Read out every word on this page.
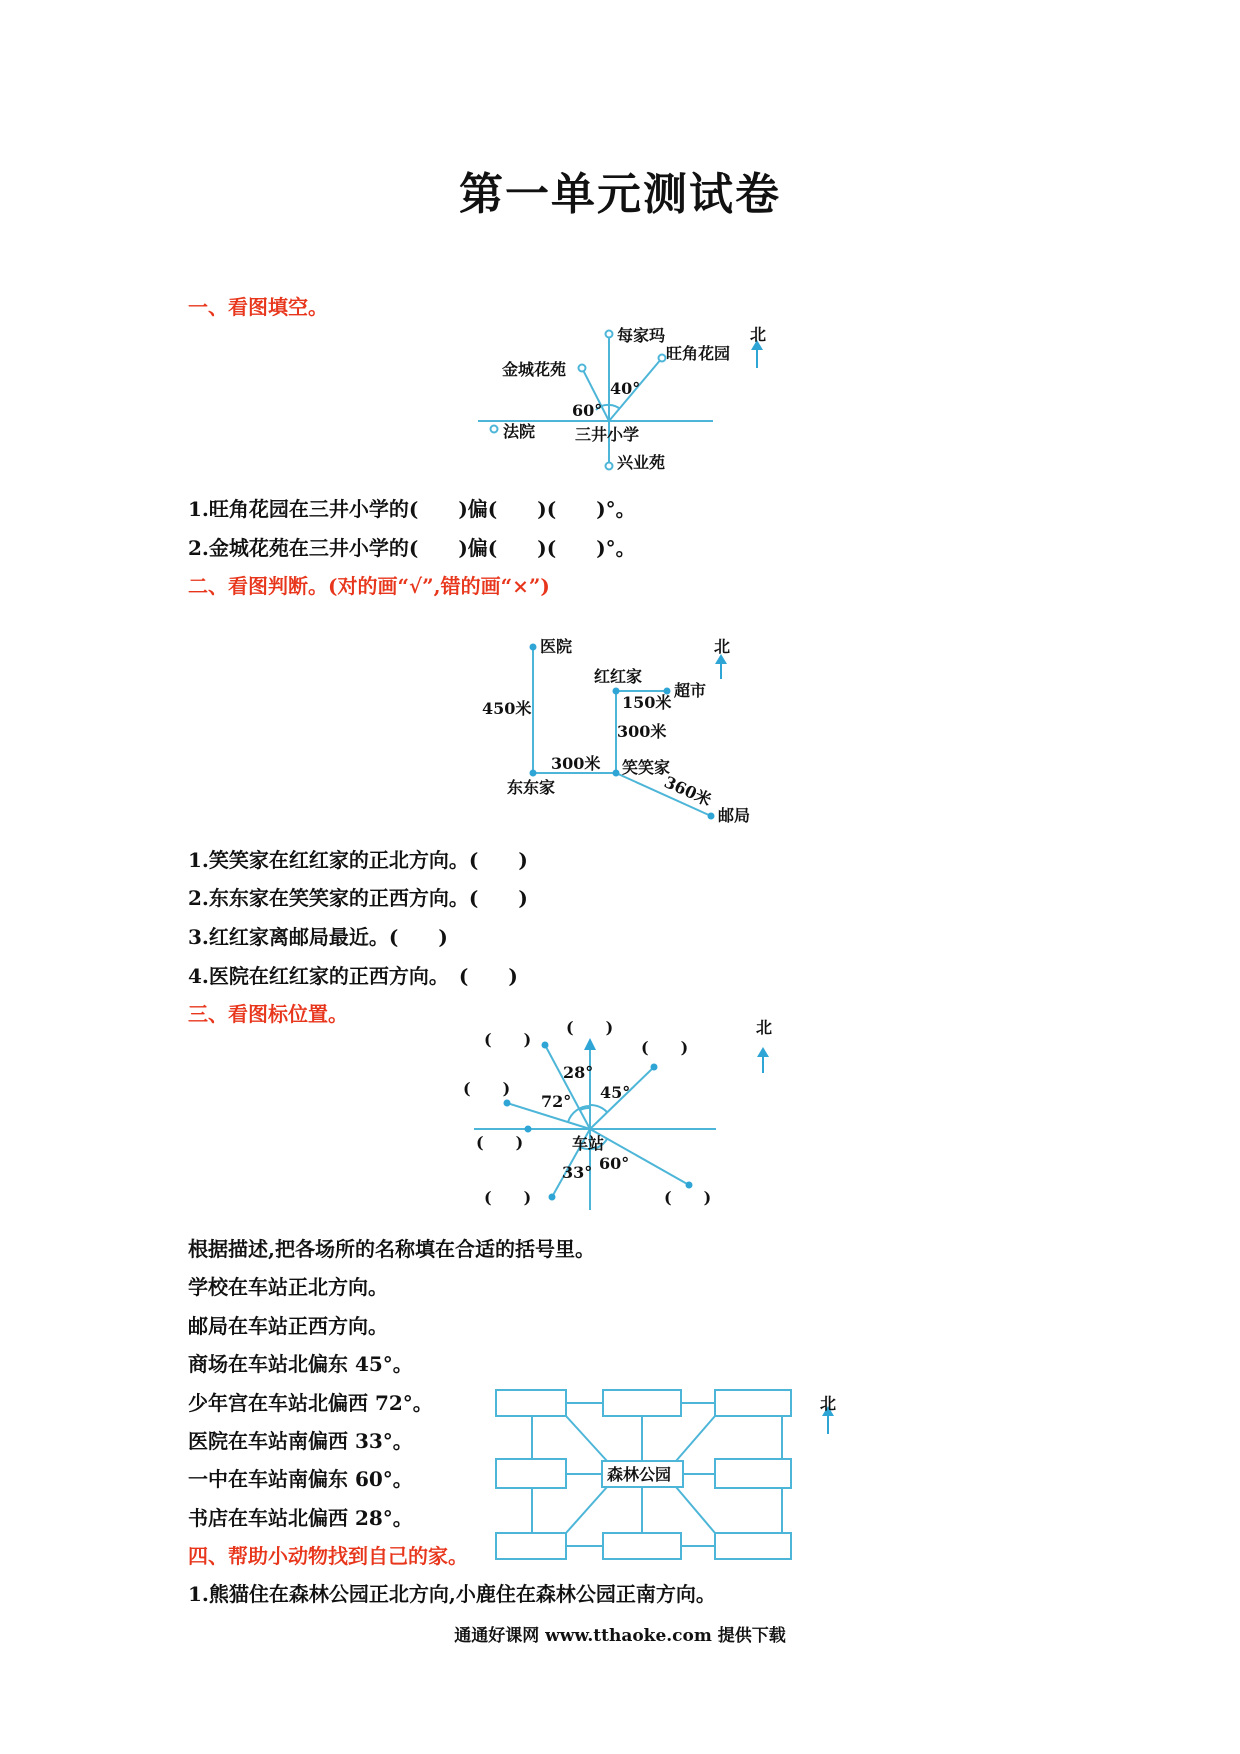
第一单元测试卷
一、看图填空。
北
每家玛
旺角花园
金城花苑
法院 三井小学
兴业苑
60°
40°
北
医院
红红家
超市
东东家
笑笑家
邮局
450米	150米
300米
300米
360米
北
车站
28°
45°
72°
33° 60°
(　　)
(　　)	(　　)
(　　)
(　　)
(　　)	(　　)
北
森林公园
1.旺角花园在三井小学的(　　)偏(　　)(　　)°。
2.金城花苑在三井小学的(　　)偏(　　)(　　)°。
二、看图判断。(对的画“√”,错的画“×”)
1.笑笑家在红红家的正北方向。(　　)
2.东东家在笑笑家的正西方向。(　　)
3.红红家离邮局最近。(　　)
4.医院在红红家的正西方向。　(　　)
三、看图标位置。
根据描述,把各场所的名称填在合适的括号里。
学校在车站正北方向。
邮局在车站正西方向。
商场在车站北偏东 45°。
少年宫在车站北偏西 72°。
医院在车站南偏西 33°。
一中在车站南偏东 60°。
书店在车站北偏西 28°。
四、帮助小动物找到自己的家。
1.熊猫住在森林公园正北方向,小鹿住在森林公园正南方向。
通通好课网 www.tthaoke.com 提供下载
